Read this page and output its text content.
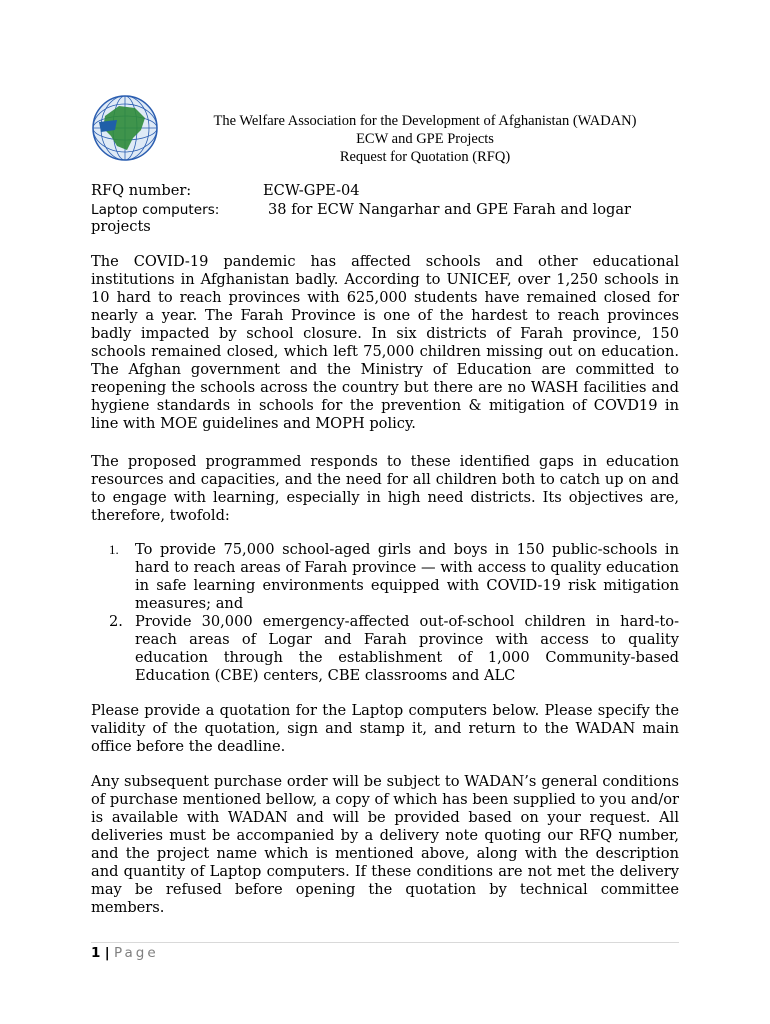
The Welfare Association for the Development of Afghanistan (WADAN)
ECW and GPE Projects
Request for Quotation (RFQ)
RFQ number:	ECW-GPE-04
Laptop computers:	38 for ECW Nangarhar and GPE Farah and logar
projects

The COVID-19 pandemic has affected schools and other educational institutions in Afghanistan badly. According to UNICEF, over 1,250 schools in 10 hard to reach provinces with 625,000 students have remained closed for nearly a year. The Farah Province is one of the hardest to reach provinces badly impacted by school closure. In six districts of Farah province, 150 schools remained closed, which left 75,000 children missing out on education. The Afghan government and the Ministry of Education are committed to reopening the schools across the country but there are no WASH facilities and hygiene standards in schools for the prevention & mitigation of COVD19 in line with MOE guidelines and MOPH policy.

The proposed programmed responds to these identified gaps in education resources and capacities, and the need for all children both to catch up on and to engage with learning, especially in high need districts. Its objectives are, therefore, twofold:

1. To provide 75,000 school-aged girls and boys in 150 public-schools in hard to reach areas of Farah province — with access to quality education in safe learning environments equipped with COVID-19 risk mitigation measures; and
2. Provide 30,000 emergency-affected out-of-school children in hard-to-reach areas of Logar and Farah province with access to quality education through the establishment of 1,000 Community-based Education (CBE) centers, CBE classrooms and ALC

Please provide a quotation for the Laptop computers below. Please specify the validity of the quotation, sign and stamp it, and return to the WADAN main office before the deadline.

Any subsequent purchase order will be subject to WADAN’s general conditions of purchase mentioned bellow, a copy of which has been supplied to you and/or is available with WADAN and will be provided based on your request. All deliveries must be accompanied by a delivery note quoting our RFQ number, and the project name which is mentioned above, along with the description and quantity of Laptop computers. If these conditions are not met the delivery may be refused before opening the quotation by technical committee members.

1 | Page
